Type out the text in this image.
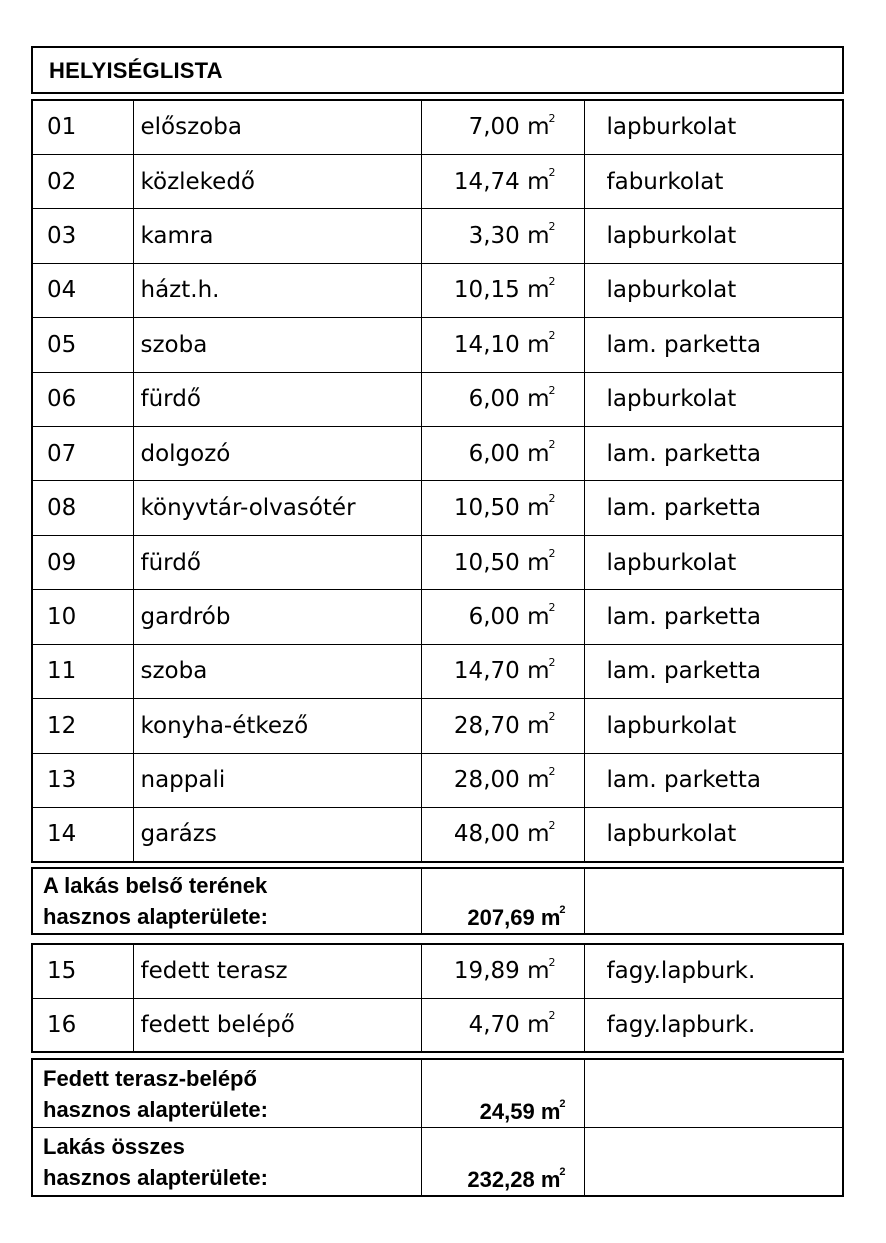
HELYISÉGLISTA
01	előszoba	7,00 $m^2$	lapburkolat
02	közlekedő	14,74 $m^2$	faburkolat
03	kamra	3,30 $m^2$	lapburkolat
04	házt.h.	10,15 $m^2$	lapburkolat
05	szoba	14,10 $m^2$	lam. parketta
06	fürdő	6,00 $m^2$	lapburkolat
07	dolgozó	6,00 $m^2$	lam. parketta
08	könyvtár-olvasótér	10,50 $m^2$	lam. parketta
09	fürdő	10,50 $m^2$	lapburkolat
10	gardrób	6,00 $m^2$	lam. parketta
11	szoba	14,70 $m^2$	lam. parketta
12	konyha-étkező	28,70 $m^2$	lapburkolat
13	nappali	28,00 $m^2$	lam. parketta
14	garázs	48,00 $m^2$	lapburkolat
A lakás belső terének
hasznos alapterülete:	207,69 $m^2$	
15	fedett terasz	19,89 $m^2$	fagy.lapburk.
16	fedett belépő	4,70 $m^2$	fagy.lapburk.
Fedett terasz-belépő
hasznos alapterülete:	24,59 $m^2$	

Lakás összes
hasznos alapterülete:	232,28 $m^2$	
